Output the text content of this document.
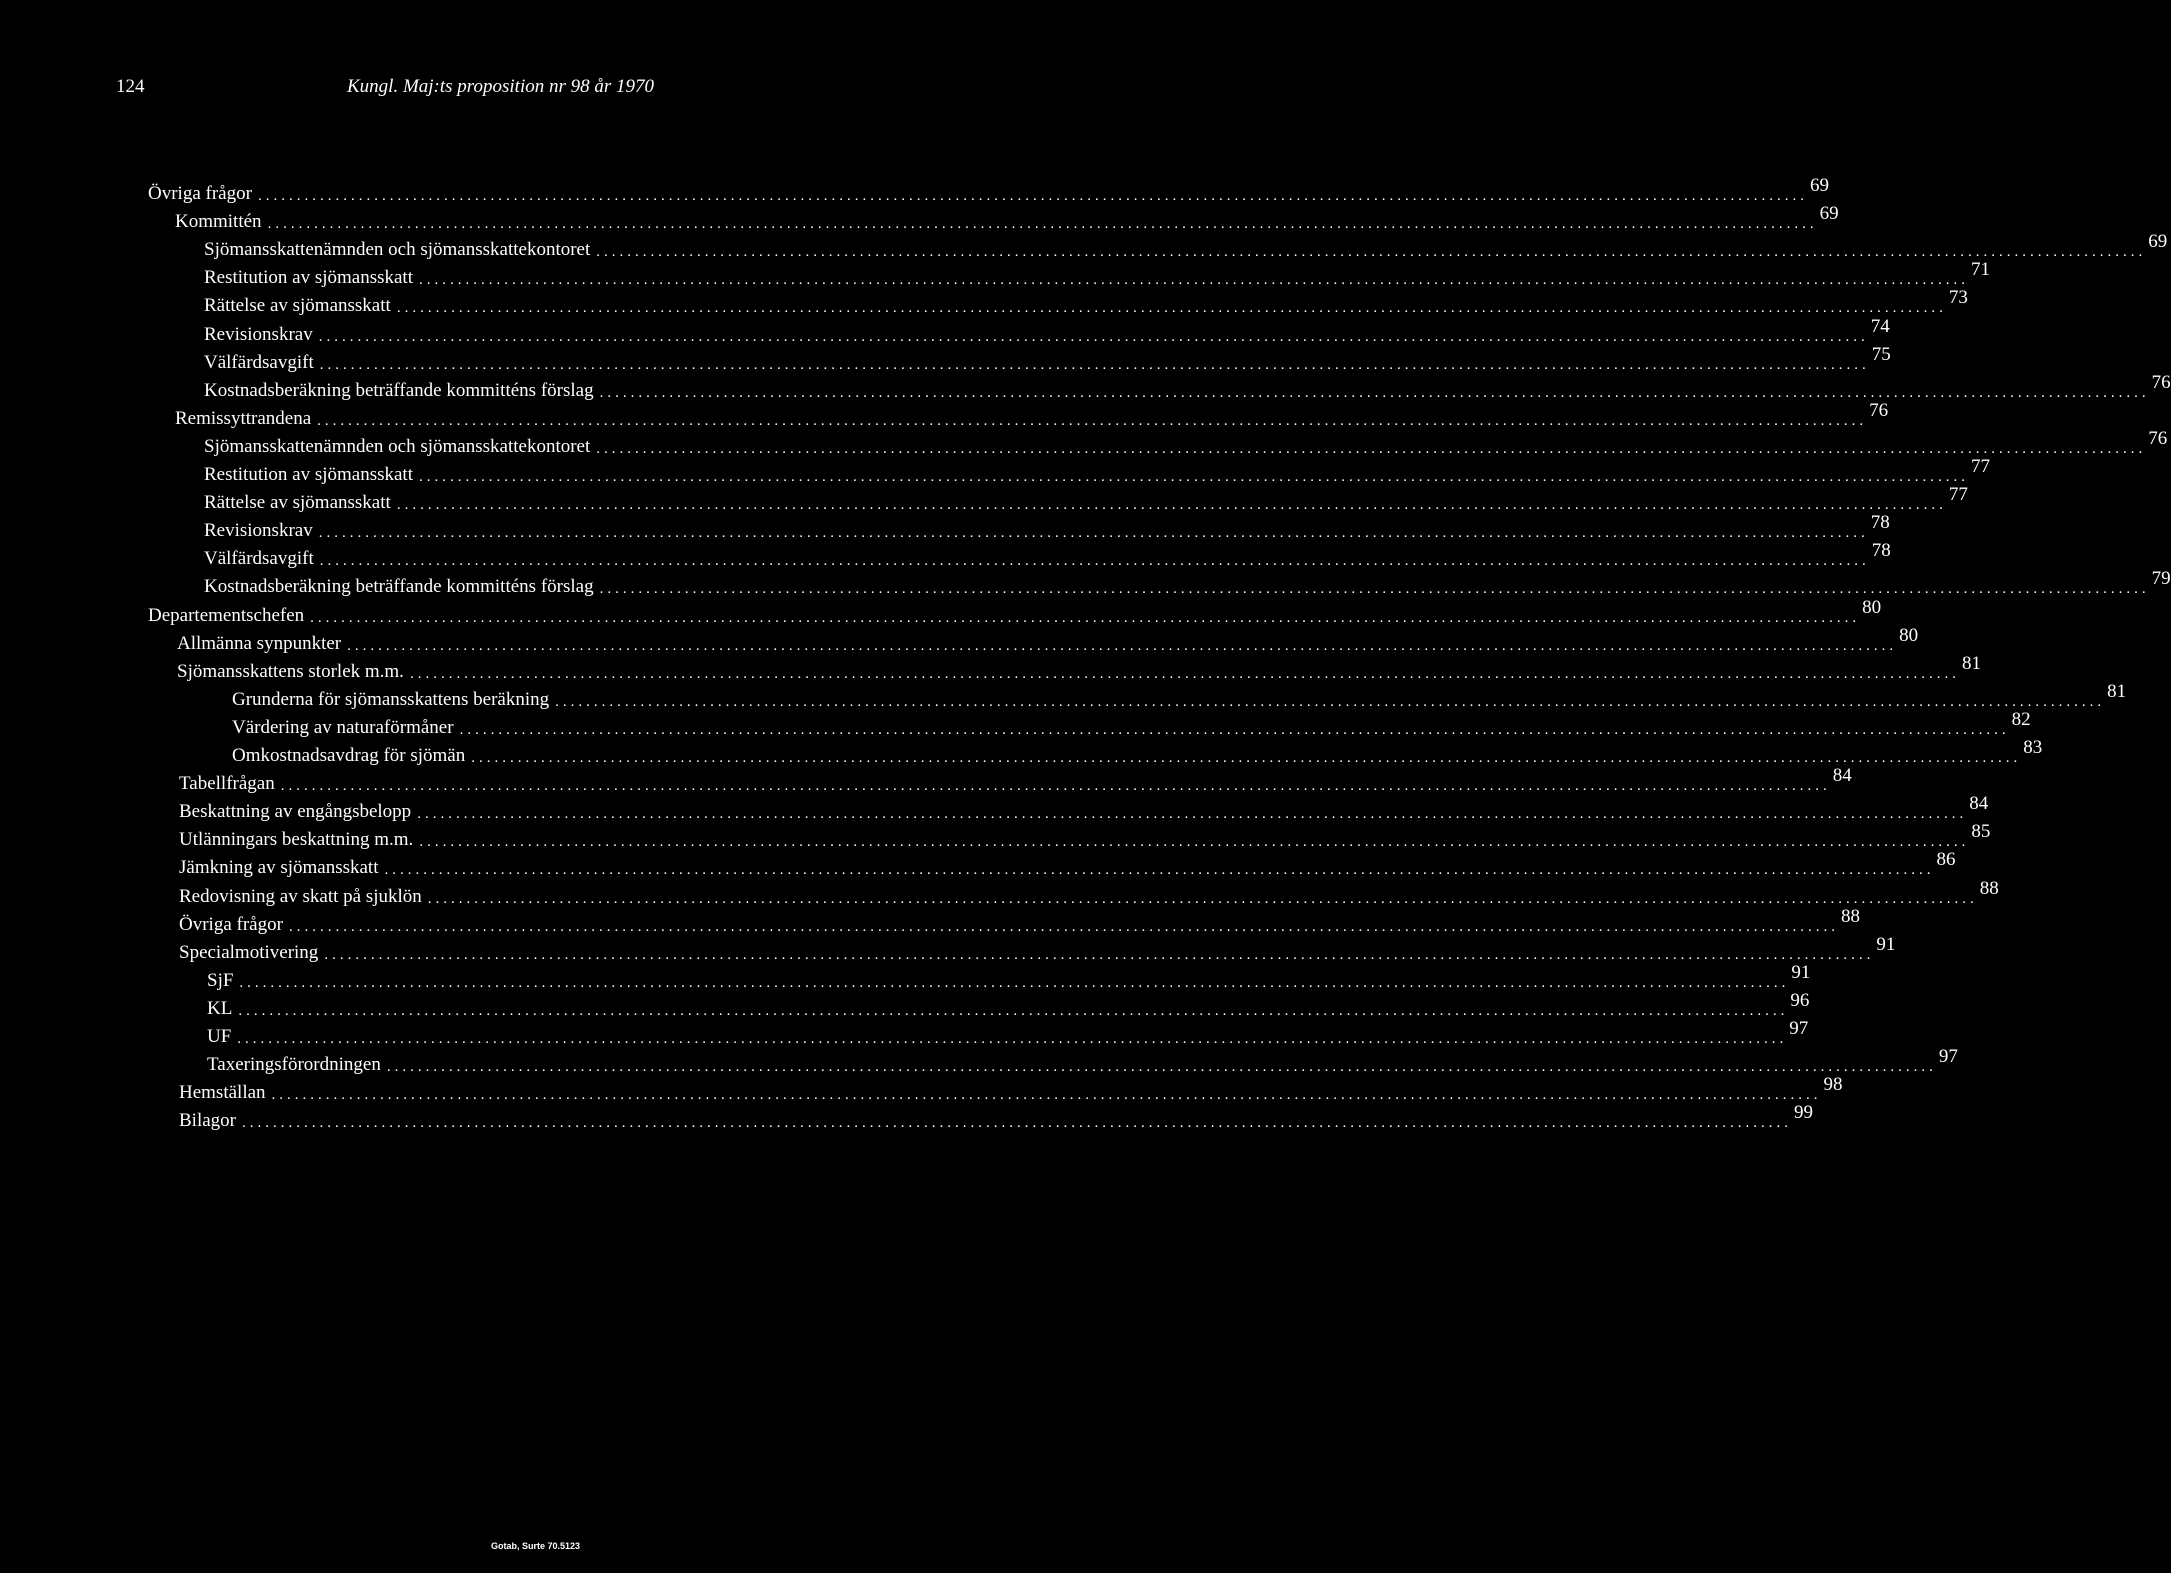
124	Kungl. Maj:ts proposition nr 98 år 1970
Övriga frågor ........................................................................................................................................................................................................ 69
Kommittén ........................................................................................................................................................................................................ 69
Sjömansskattenämnden och sjömansskattekontoret ........................................................................................................................................................................................................ 69
Restitution av sjömansskatt ........................................................................................................................................................................................................ 71
Rättelse av sjömansskatt ........................................................................................................................................................................................................ 73
Revisionskrav ........................................................................................................................................................................................................ 74
Välfärdsavgift ........................................................................................................................................................................................................ 75
Kostnadsberäkning beträffande kommitténs förslag ........................................................................................................................................................................................................ 76
Remissyttrandena ........................................................................................................................................................................................................ 76
Sjömansskattenämnden och sjömansskattekontoret ........................................................................................................................................................................................................ 76
Restitution av sjömansskatt ........................................................................................................................................................................................................ 77
Rättelse av sjömansskatt ........................................................................................................................................................................................................ 77
Revisionskrav ........................................................................................................................................................................................................ 78
Välfärdsavgift ........................................................................................................................................................................................................ 78
Kostnadsberäkning beträffande kommitténs förslag ........................................................................................................................................................................................................ 79
Departementschefen ........................................................................................................................................................................................................ 80
Allmänna synpunkter ........................................................................................................................................................................................................ 80
Sjömansskattens storlek m.m. ........................................................................................................................................................................................................ 81
Grunderna för sjömansskattens beräkning ........................................................................................................................................................................................................ 81
Värdering av naturaförmåner ........................................................................................................................................................................................................ 82
Omkostnadsavdrag för sjömän ........................................................................................................................................................................................................ 83
Tabellfrågan ........................................................................................................................................................................................................ 84
Beskattning av engångsbelopp ........................................................................................................................................................................................................ 84
Utlänningars beskattning m.m. ........................................................................................................................................................................................................ 85
Jämkning av sjömansskatt ........................................................................................................................................................................................................ 86
Redovisning av skatt på sjuklön ........................................................................................................................................................................................................ 88
Övriga frågor ........................................................................................................................................................................................................ 88
Specialmotivering ........................................................................................................................................................................................................ 91
SjF ........................................................................................................................................................................................................ 91
KL ........................................................................................................................................................................................................ 96
UF ........................................................................................................................................................................................................ 97
Taxeringsförordningen ........................................................................................................................................................................................................ 97
Hemställan ........................................................................................................................................................................................................ 98
Bilagor ........................................................................................................................................................................................................ 99
Gotab, Surte 70.5123
